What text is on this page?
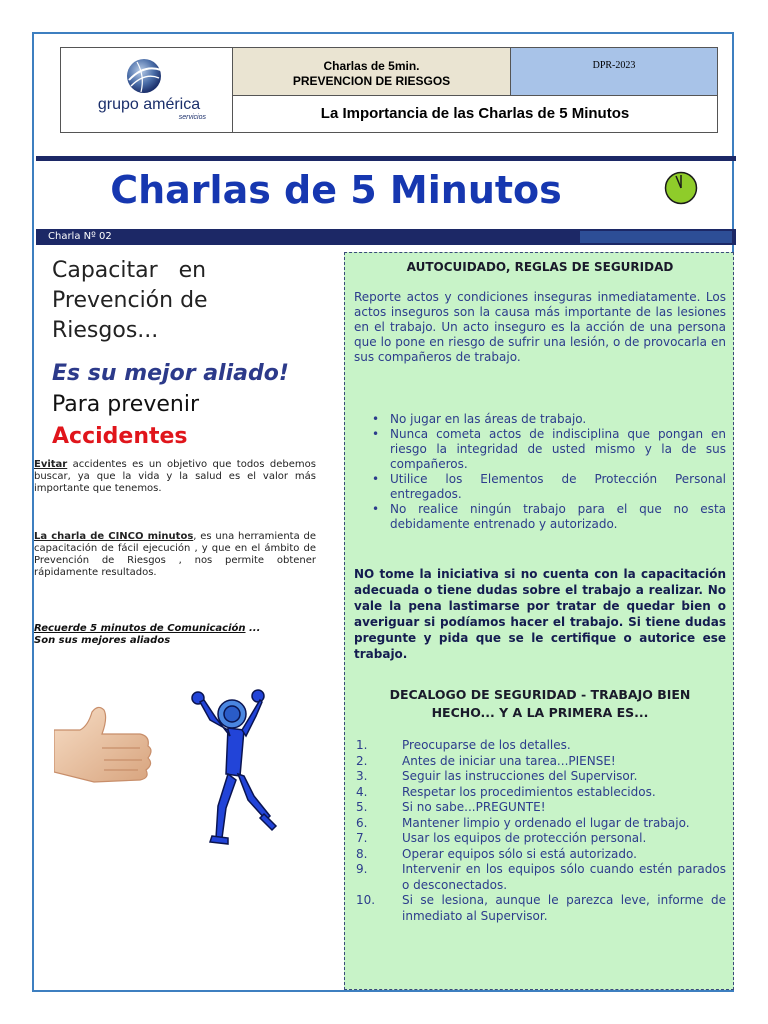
grupo américa
servicios
Charlas de 5min.
PREVENCION DE RIESGOS
DPR-2023
La Importancia de las Charlas de 5 Minutos
Charlas de 5 Minutos
Charla Nº 02
Capacitar en
Prevención de
Riesgos...
Es su mejor aliado!
Para prevenir
Accidentes
Evitar accidentes es un objetivo que todos debemos buscar, ya que la vida y la salud es el valor más importante que tenemos.
La charla de CINCO minutos, es una herramienta de capacitación de fácil ejecución , y que en el ámbito de Prevención de Riesgos , nos permite obtener rápidamente resultados.
Recuerde 5 minutos de Comunicación ...
Son sus mejores aliados
AUTOCUIDADO, REGLAS DE SEGURIDAD
Reporte actos y condiciones inseguras inmediatamente. Los actos inseguros son la causa más importante de las lesiones en el trabajo. Un acto inseguro es la acción de una persona que lo pone en riesgo de sufrir una lesión, o de provocarla en sus compañeros de trabajo.
• No jugar en las áreas de trabajo.
• Nunca cometa actos de indisciplina que pongan en riesgo la integridad de usted mismo y la de sus compañeros.
• Utilice los Elementos de Protección Personal entregados.
• No realice ningún trabajo para el que no esta debidamente entrenado y autorizado.
NO tome la iniciativa si no cuenta con la capacitación adecuada o tiene dudas sobre el trabajo a realizar. No vale la pena lastimarse por tratar de quedar bien o averiguar si podíamos hacer el trabajo. Si tiene dudas pregunte y pida que se le certifique o autorice ese trabajo.
DECALOGO DE SEGURIDAD - TRABAJO BIEN
HECHO... Y A LA PRIMERA ES...
1.	Preocuparse de los detalles.
2.	Antes de iniciar una tarea...PIENSE!
3.	Seguir las instrucciones del Supervisor.
4.	Respetar los procedimientos establecidos.
5.	Si no sabe...PREGUNTE!
6.	Mantener limpio y ordenado el lugar de trabajo.
7.	Usar los equipos de protección personal.
8.	Operar equipos sólo si está autorizado.
9.	Intervenir en los equipos sólo cuando estén parados o desconectados.
10. Si se lesiona, aunque le parezca leve, informe de inmediato al Supervisor.
